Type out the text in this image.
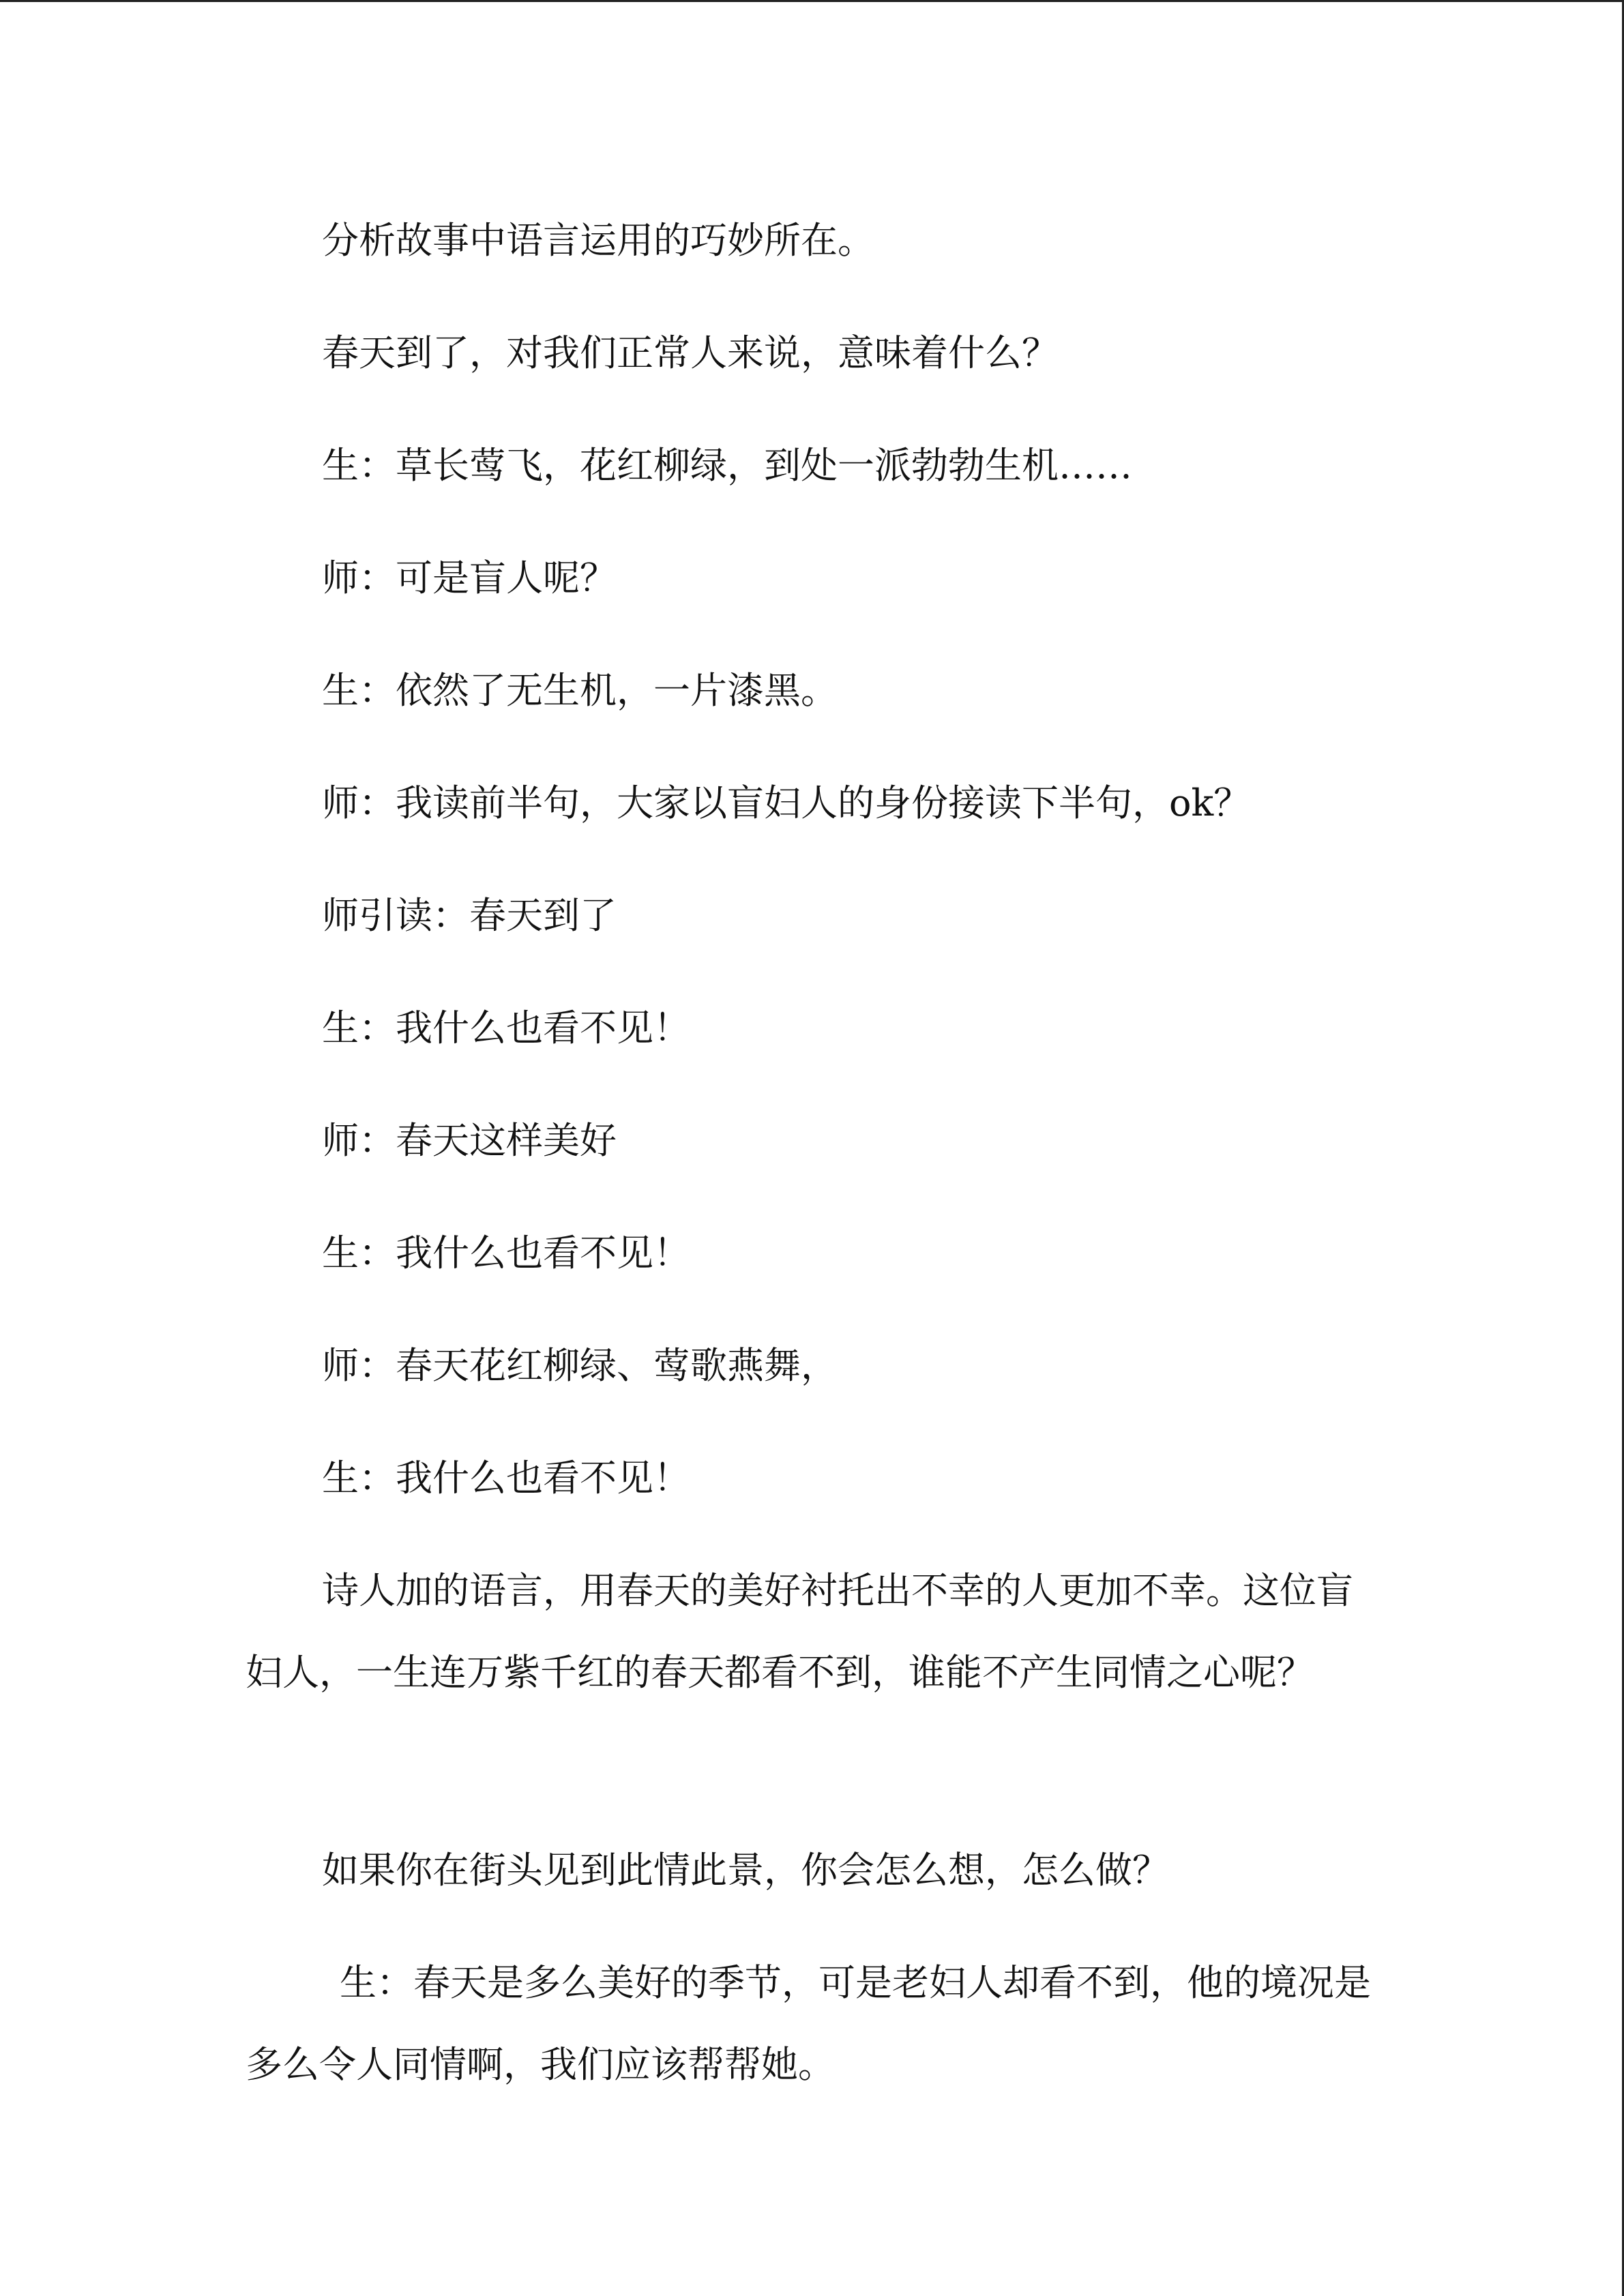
分析故事中语言运用的巧妙所在。

春天到了，对我们正常人来说，意味着什么？

生：草长莺飞，花红柳绿，到处一派勃勃生机……

师：可是盲人呢？

生：依然了无生机，一片漆黑。

师：我读前半句，大家以盲妇人的身份接读下半句，ok？

师引读：春天到了

生：我什么也看不见！

师：春天这样美好

生：我什么也看不见！

师：春天花红柳绿、莺歌燕舞，

生：我什么也看不见！

诗人加的语言，用春天的美好衬托出不幸的人更加不幸。这位盲妇人，一生连万紫千红的春天都看不到，谁能不产生同情之心呢？

如果你在街头见到此情此景，你会怎么想，怎么做？

生：春天是多么美好的季节，可是老妇人却看不到，他的境况是多么令人同情啊，我们应该帮帮她。
